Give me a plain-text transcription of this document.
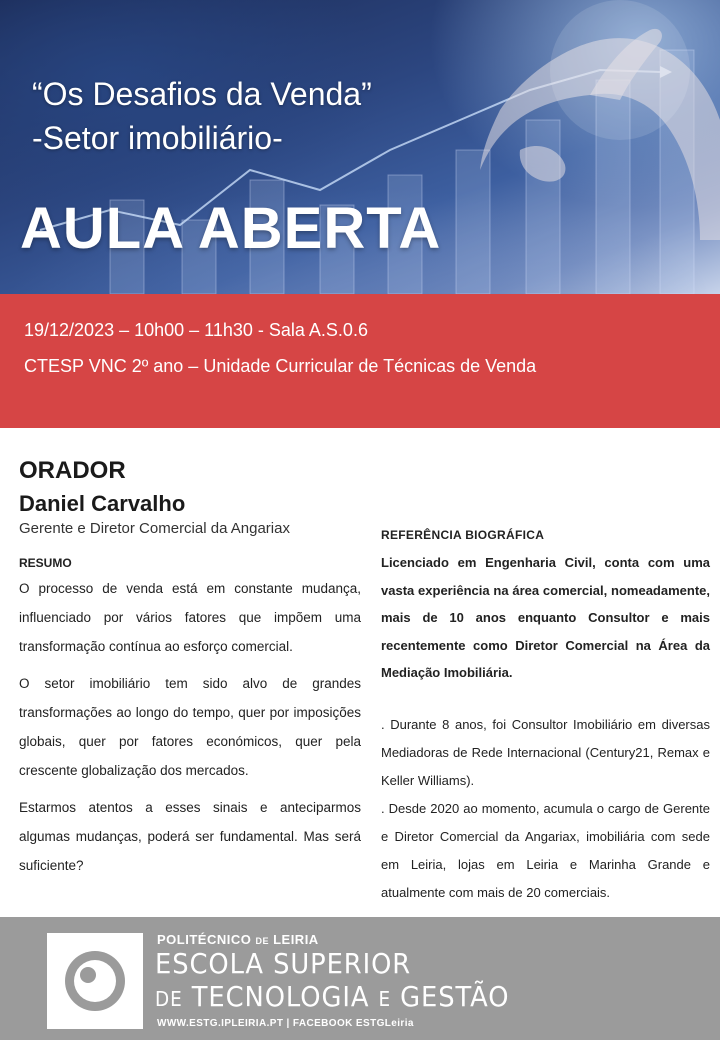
“Os Desafios da Venda”
-Setor imobiliário-
AULA ABERTA
19/12/2023 – 10h00 – 11h30 - Sala A.S.0.6
CTESP VNC 2º ano – Unidade Curricular de Técnicas de Venda
ORADOR
Daniel Carvalho
Gerente e Diretor Comercial da Angariax
RESUMO

O processo de venda está em constante mudança, influenciado por vários fatores que impõem uma transformação contínua ao esforço comercial.

O setor imobiliário tem sido alvo de grandes transformações ao longo do tempo, quer por imposições globais, quer por fatores económicos, quer pela crescente globalização dos mercados.

Estarmos atentos a esses sinais e anteciparmos algumas mudanças, poderá ser fundamental. Mas será suficiente?

REFERÊNCIA BIOGRÁFICA

Licenciado em Engenharia Civil, conta com uma vasta experiência na área comercial, nomeadamente, mais de 10 anos enquanto Consultor e mais recentemente como Diretor Comercial na Área da Mediação Imobiliária.

. Durante 8 anos, foi Consultor Imobiliário em diversas Mediadoras de Rede Internacional (Century21, Remax e Keller Williams).

. Desde 2020 ao momento, acumula o cargo de Gerente e Diretor Comercial da Angariax, imobiliária com sede em Leiria, lojas em Leiria e Marinha Grande e atualmente com mais de 20 comerciais.

POLITÉCNICO DE LEIRIA
ESCOLA SUPERIOR
DE TECNOLOGIA E GESTÃO
WWW.ESTG.IPLEIRIA.PT | FACEBOOK ESTGLeiria
